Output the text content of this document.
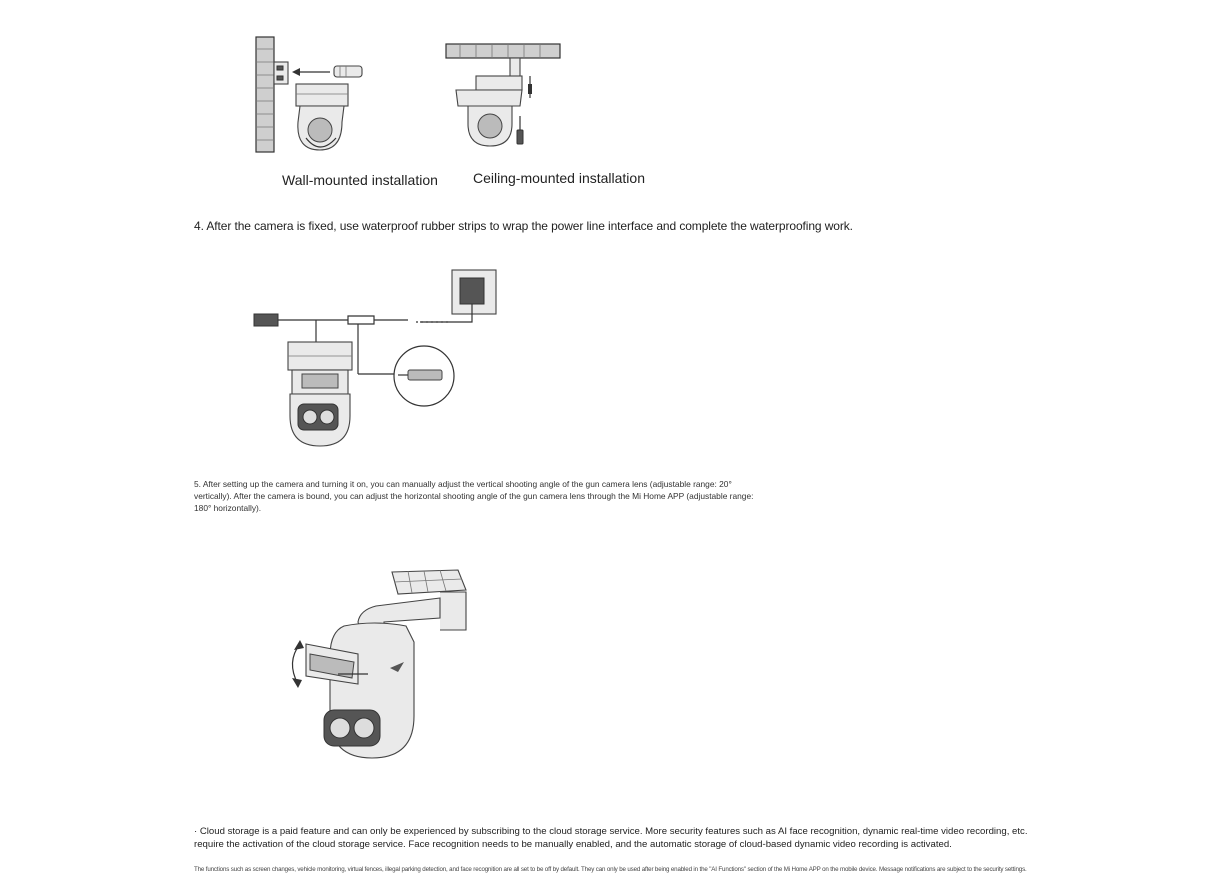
Wall-mounted installation	Ceiling-mounted installation
4. After the camera is fixed, use waterproof rubber strips to wrap the power line interface and complete the waterproofing work.
5. After setting up the camera and turning it on, you can manually adjust the vertical shooting angle of the gun camera lens (adjustable range: 20° vertically). After the camera is bound, you can adjust the horizontal shooting angle of the gun camera lens through the Mi Home APP (adjustable range: 180° horizontally).
· Cloud storage is a paid feature and can only be experienced by subscribing to the cloud storage service. More security features such as AI face recognition, dynamic real-time video recording, etc. require the activation of the cloud storage service. Face recognition needs to be manually enabled, and the automatic storage of cloud-based dynamic video recording is activated.
The functions such as screen changes, vehicle monitoring, virtual fences, illegal parking detection, and face recognition are all set to be off by default. They can only be used after being enabled in the "AI Functions" section of the Mi Home APP on the mobile device. Message notifications are subject to the security settings.
